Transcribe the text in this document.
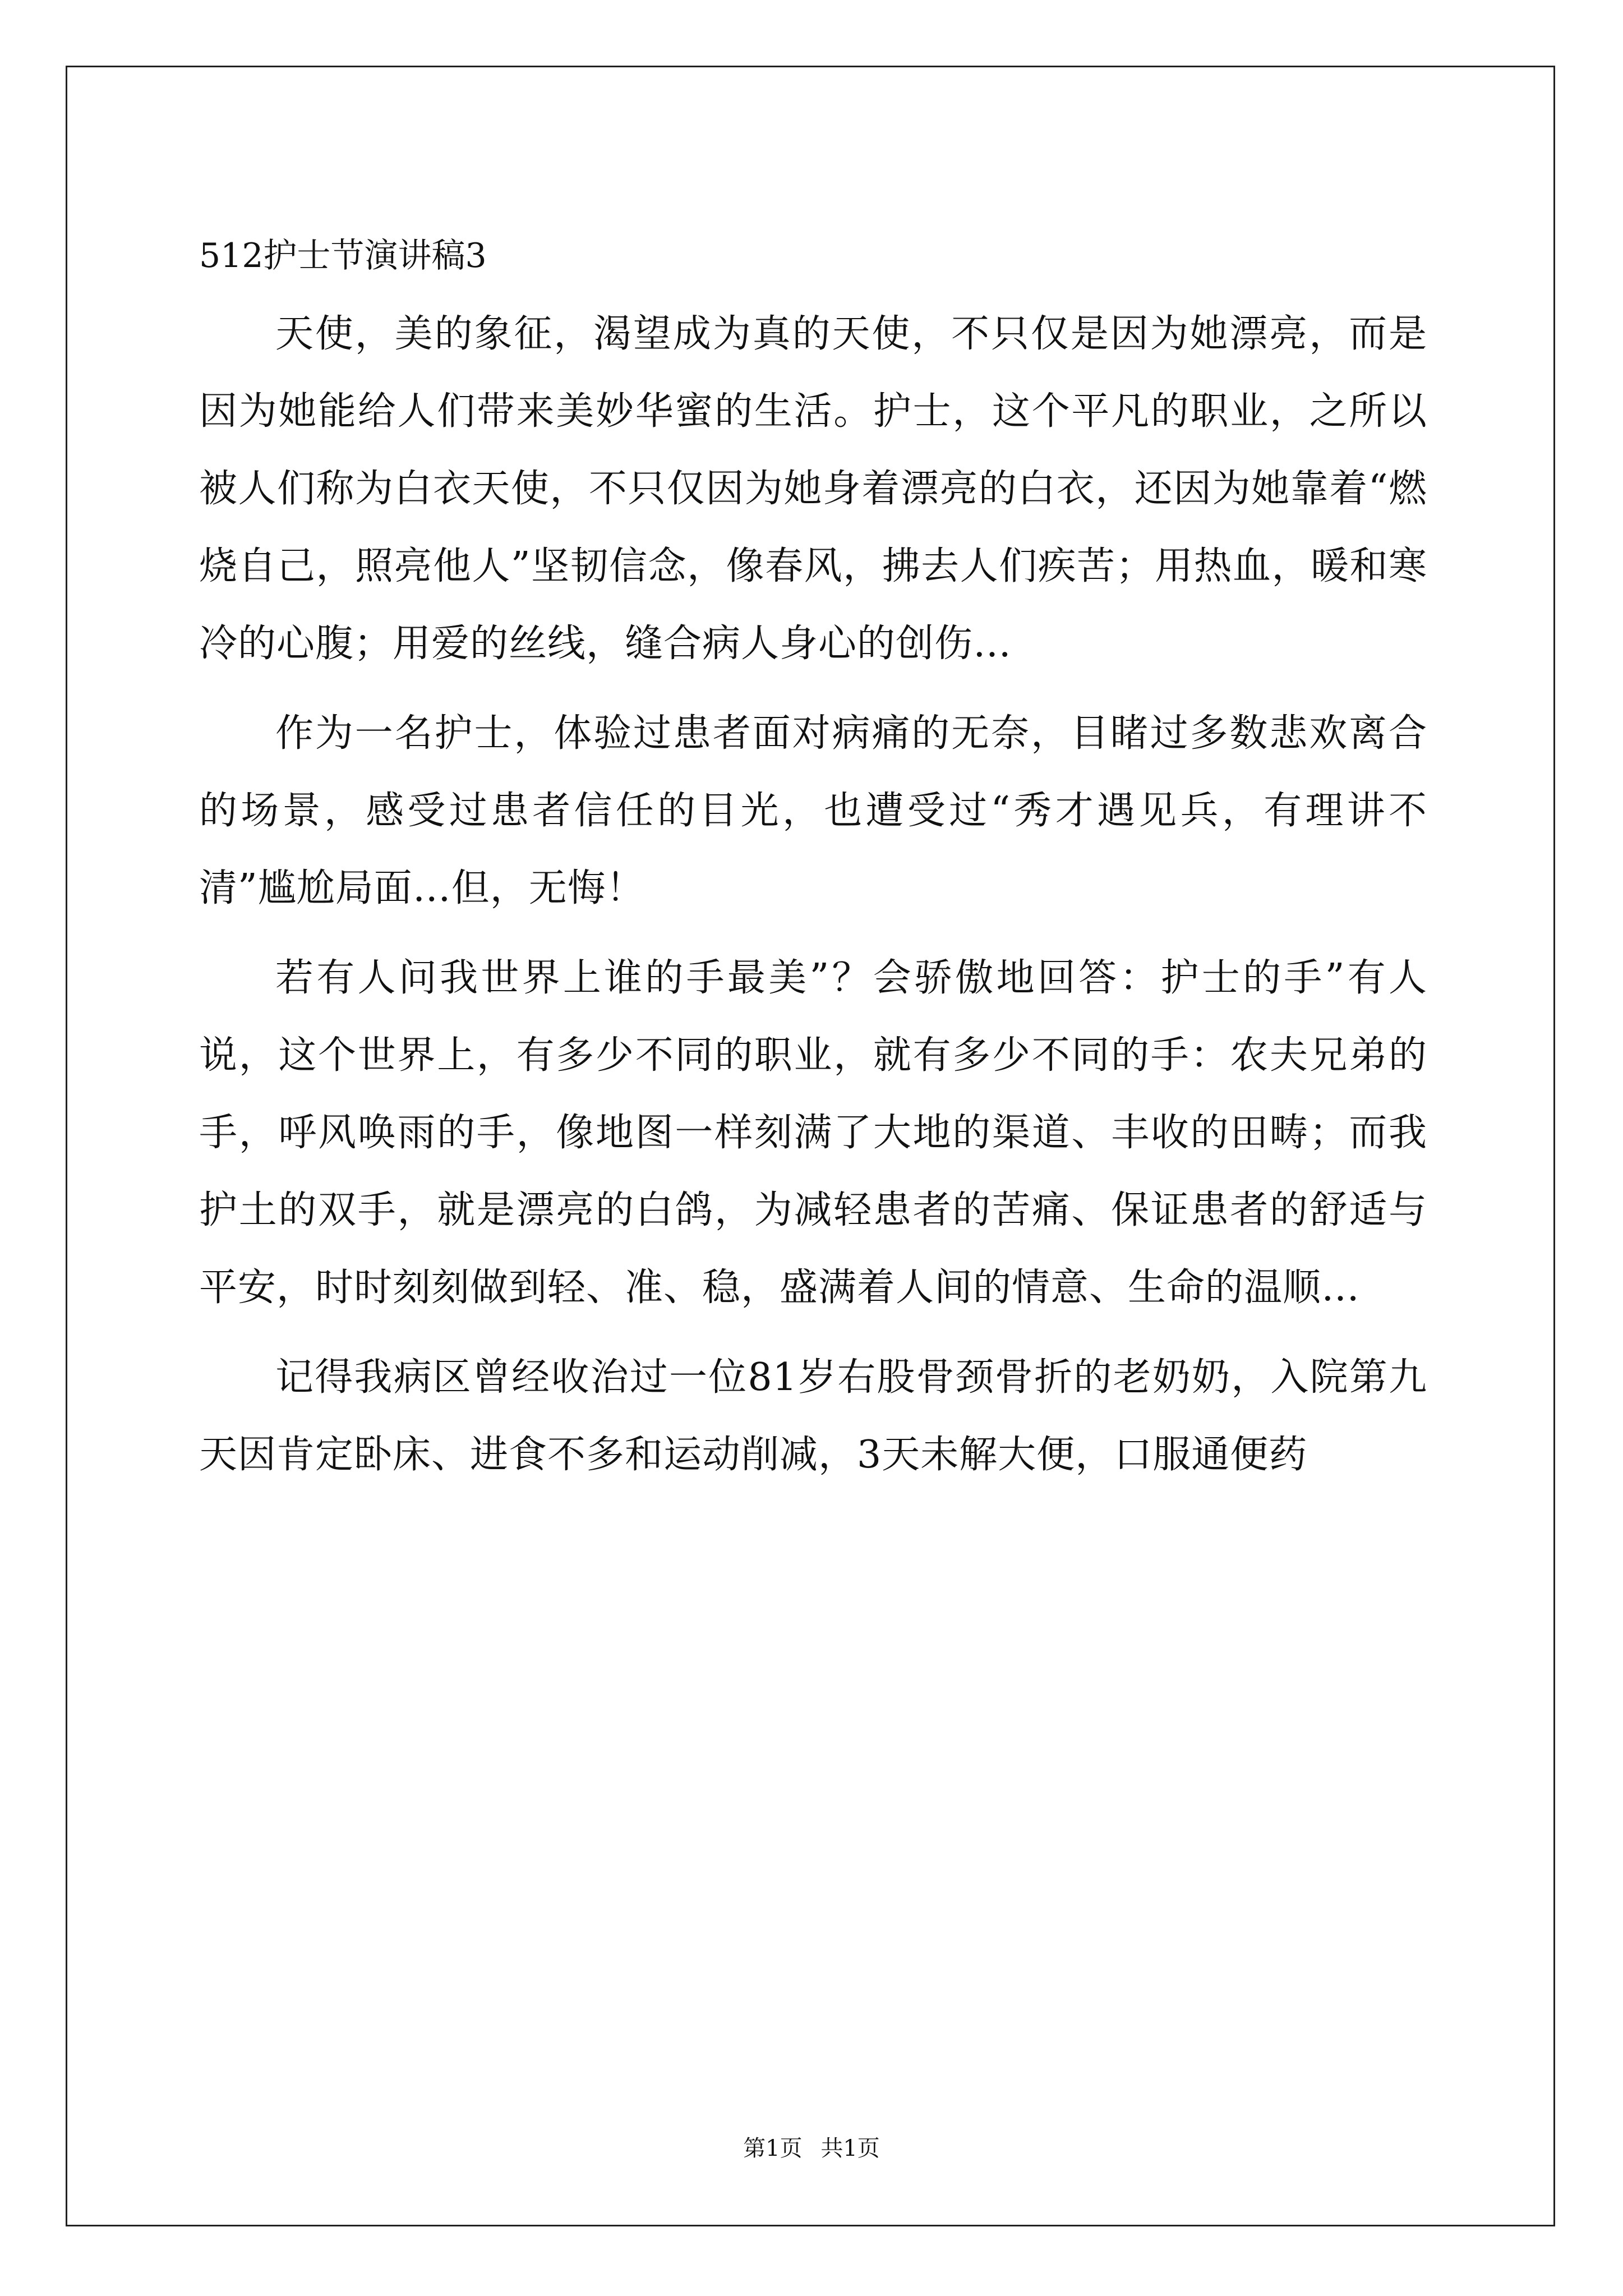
512护士节演讲稿3

天使，美的象征，渴望成为真的天使，不只仅是因为她漂亮，而是因为她能给人们带来美妙华蜜的生活。护士，这个平凡的职业，之所以被人们称为白衣天使，不只仅因为她身着漂亮的白衣，还因为她靠着“燃烧自己，照亮他人”坚韧信念，像春风，拂去人们疾苦；用热血，暖和寒冷的心腹；用爱的丝线，缝合病人身心的创伤…

作为一名护士，体验过患者面对病痛的无奈，目睹过多数悲欢离合的场景，感受过患者信任的目光，也遭受过“秀才遇见兵，有理讲不清”尴尬局面…但，无悔！

若有人问我世界上谁的手最美”？会骄傲地回答：护士的手”有人说，这个世界上，有多少不同的职业，就有多少不同的手：农夫兄弟的手，呼风唤雨的手，像地图一样刻满了大地的渠道、丰收的田畴；而我护土的双手，就是漂亮的白鸽，为减轻患者的苦痛、保证患者的舒适与平安，时时刻刻做到轻、准、稳，盛满着人间的情意、生命的温顺…

记得我病区曾经收治过一位81岁右股骨颈骨折的老奶奶，入院第九天因肯定卧床、进食不多和运动削减，3天未解大便，口服通便药

第1页 共1页
